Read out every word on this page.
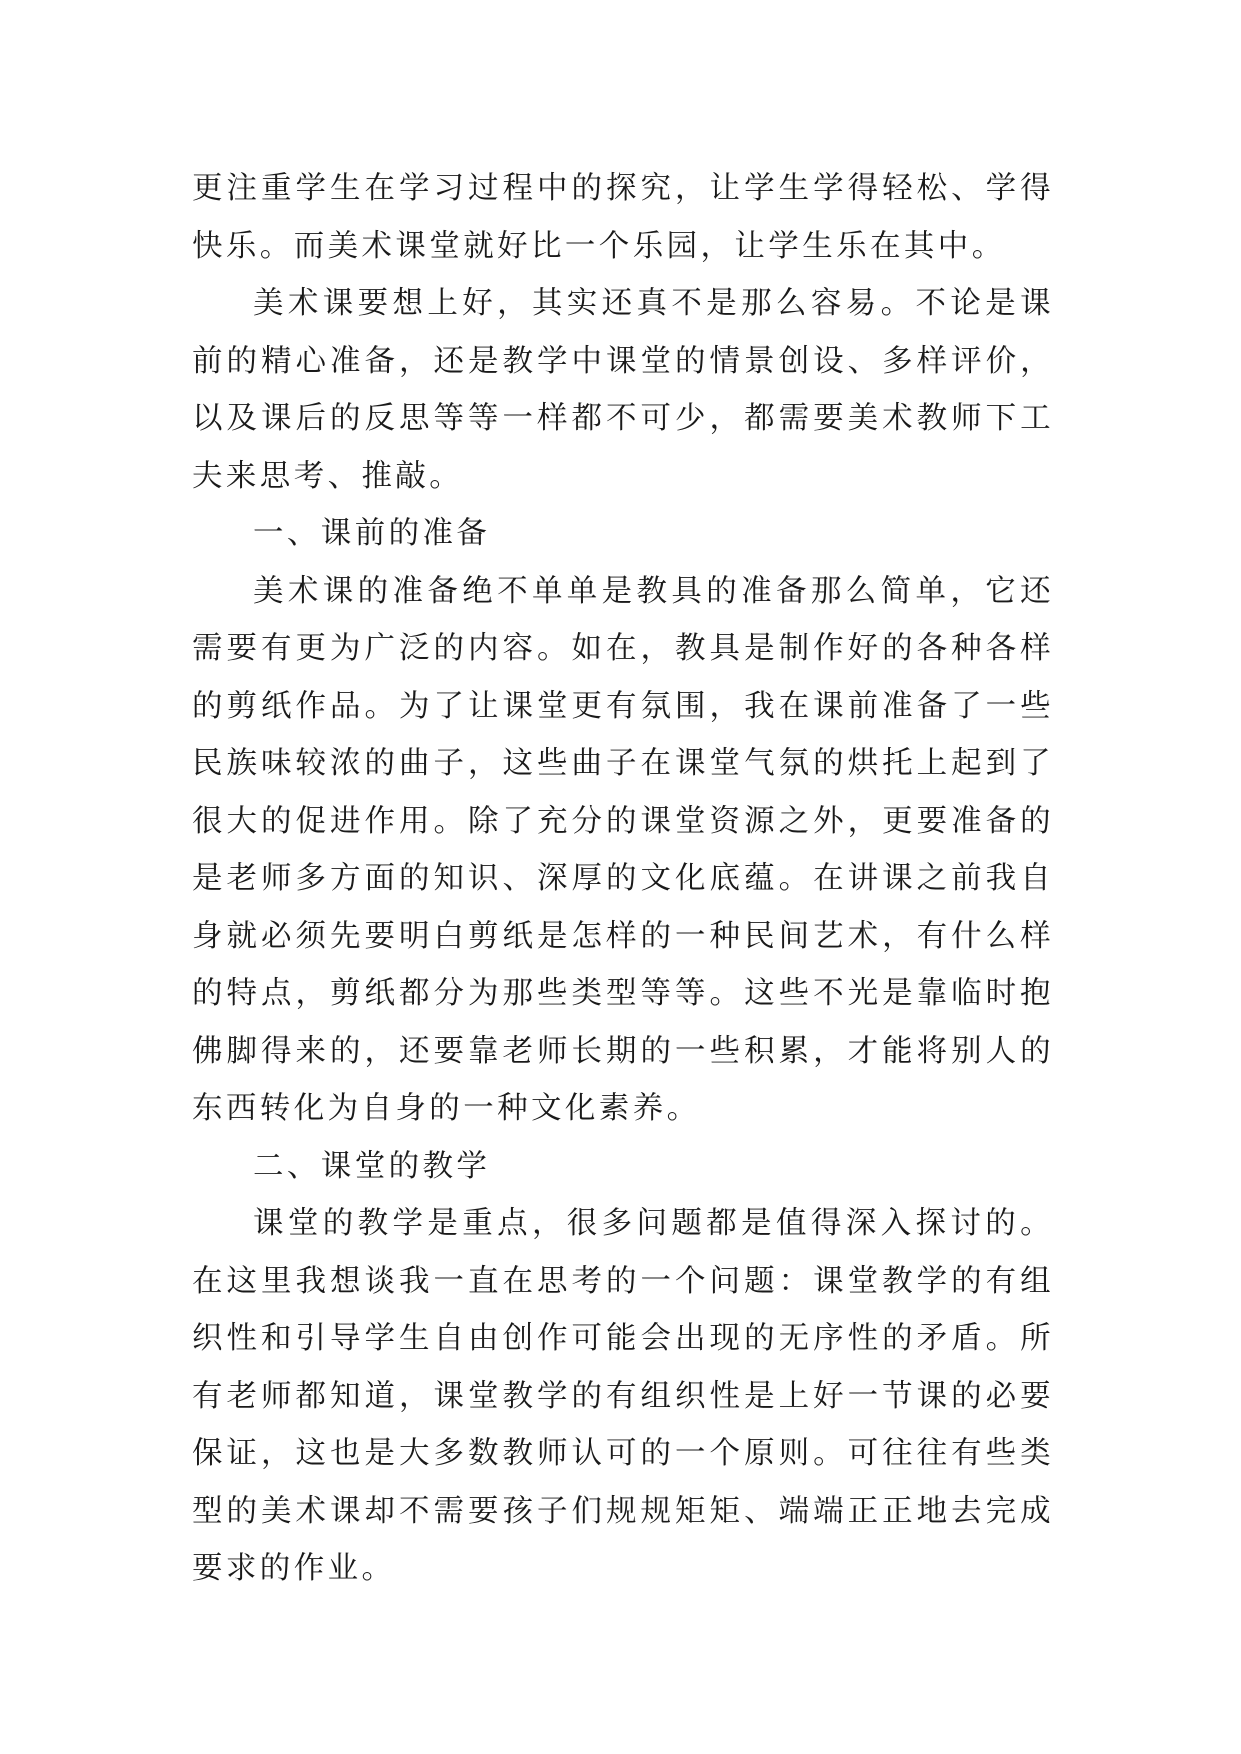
更注重学生在学习过程中的探究，让学生学得轻松、学得快乐。而美术课堂就好比一个乐园，让学生乐在其中。

美术课要想上好，其实还真不是那么容易。不论是课前的精心准备，还是教学中课堂的情景创设、多样评价，以及课后的反思等等一样都不可少，都需要美术教师下工夫来思考、推敲。

一、课前的准备

美术课的准备绝不单单是教具的准备那么简单，它还需要有更为广泛的内容。如在，教具是制作好的各种各样的剪纸作品。为了让课堂更有氛围，我在课前准备了一些民族味较浓的曲子，这些曲子在课堂气氛的烘托上起到了很大的促进作用。除了充分的课堂资源之外，更要准备的是老师多方面的知识、深厚的文化底蕴。在讲课之前我自身就必须先要明白剪纸是怎样的一种民间艺术，有什么样的特点，剪纸都分为那些类型等等。这些不光是靠临时抱佛脚得来的，还要靠老师长期的一些积累，才能将别人的东西转化为自身的一种文化素养。

二、课堂的教学

课堂的教学是重点，很多问题都是值得深入探讨的。在这里我想谈我一直在思考的一个问题：课堂教学的有组织性和引导学生自由创作可能会出现的无序性的矛盾。所有老师都知道，课堂教学的有组织性是上好一节课的必要保证，这也是大多数教师认可的一个原则。可往往有些类型的美术课却不需要孩子们规规矩矩、端端正正地去完成要求的作业。
